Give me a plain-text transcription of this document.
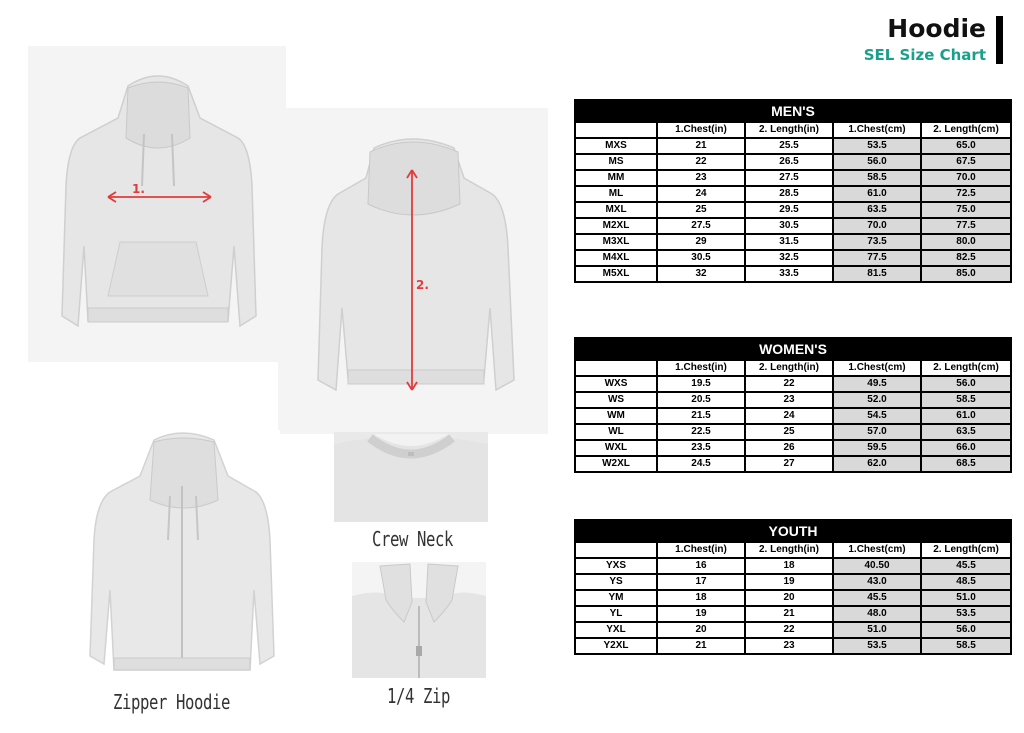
Hoodie
SEL Size Chart
1.
2.
Crew Neck
1/4 Zip
Zipper Hoodie
MEN'S				
	1.Chest(in)	2. Length(in)	1.Chest(cm)	2. Length(cm)
MXS	21	25.5	53.5	65.0
MS	22	26.5	56.0	67.5
MM	23	27.5	58.5	70.0
ML	24	28.5	61.0	72.5
MXL	25	29.5	63.5	75.0
M2XL	27.5	30.5	70.0	77.5
M3XL	29	31.5	73.5	80.0
M4XL	30.5	32.5	77.5	82.5
M5XL	32	33.5	81.5	85.0
WOMEN'S				
	1.Chest(in)	2. Length(in)	1.Chest(cm)	2. Length(cm)
WXS	19.5	22	49.5	56.0
WS	20.5	23	52.0	58.5
WM	21.5	24	54.5	61.0
WL	22.5	25	57.0	63.5
WXL	23.5	26	59.5	66.0
W2XL	24.5	27	62.0	68.5
YOUTH				
	1.Chest(in)	2. Length(in)	1.Chest(cm)	2. Length(cm)
YXS	16	18	40.50	45.5
YS	17	19	43.0	48.5
YM	18	20	45.5	51.0
YL	19	21	48.0	53.5
YXL	20	22	51.0	56.0
Y2XL	21	23	53.5	58.5
